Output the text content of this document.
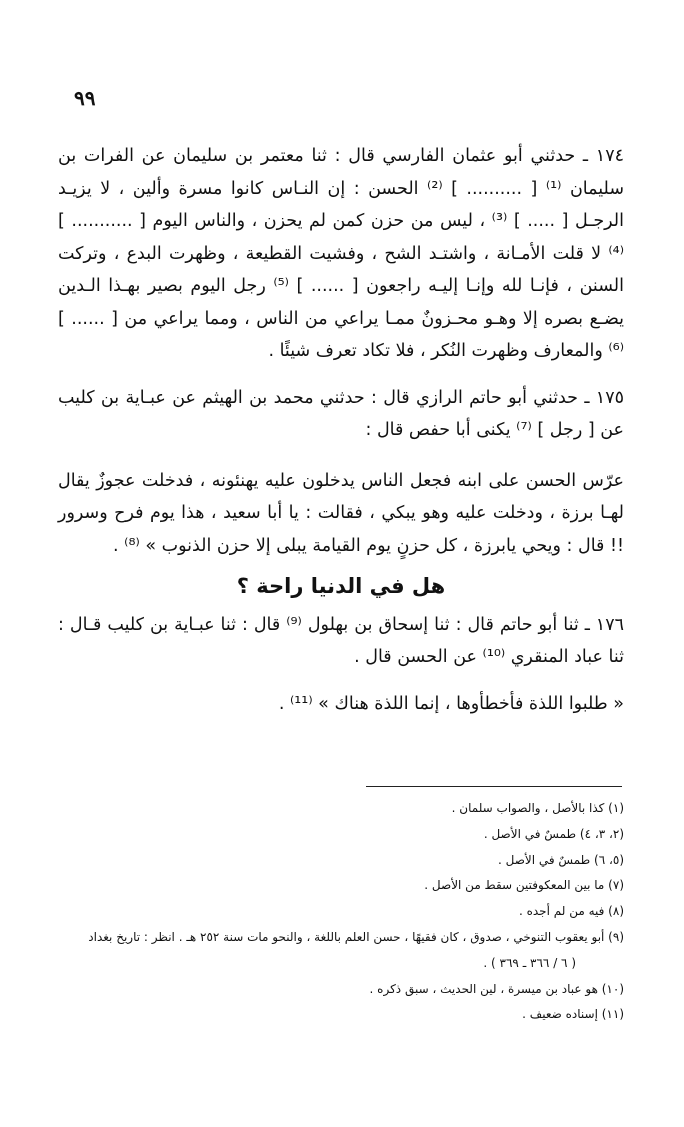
٩٩

١٧٤ ـ حدثني أبو عثمان الفارسي قال : ثنا معتمر بن سليمان عن الفرات بن سليمان ⁽¹⁾ [ .......... ] ⁽²⁾ الحسن : إن النـاس كانوا مسرة وألين ، لا يزيـد الرجـل [ ..... ] ⁽³⁾ ، ليس من حزن كمن لم يحزن ، والناس اليوم [ ........... ] ⁽⁴⁾ لا قلت الأمـانة ، واشتـد الشح ، وفشيت القطيعة ، وظهرت البدع ، وتركت السنن ، فإنـا لله وإنـا إليـه راجعون [ ...... ] ⁽⁵⁾ رجل اليوم بصير بهـذا الـدين يضـع بصره إلا وهـو محـزونٌ ممـا يراعي من الناس ، ومما يراعي من [ ...... ] ⁽⁶⁾ والمعارف وظهرت النُكر ، فلا تكاد تعرف شيئًا .

١٧٥ ـ حدثني أبو حاتم الرازي قال : حدثني محمد بن الهيثم عن عبـاية بن كليب عن [ رجل ] ⁽⁷⁾ يكنى أبا حفص قال :

عرّس الحسن على ابنه فجعل الناس يدخلون عليه يهنئونه ، فدخلت عجوزٌ يقال لهـا برزة ، ودخلت عليه وهو يبكي ، فقالت : يا أبا سعيد ، هذا يوم فرح وسرور !! قال : ويحي يابرزة ، كل حزنٍ يوم القيامة يبلى إلا حزن الذنوب » ⁽⁸⁾ .

هل في الدنيا راحة ؟

١٧٦ ـ ثنا أبو حاتم قال : ثنا إسحاق بن بهلول ⁽⁹⁾ قال : ثنا عبـاية بن كليب قـال : ثنا عباد المنقري ⁽¹⁰⁾ عن الحسن قال .

« طلبوا اللذة فأخطأوها ، إنما اللذة هناك » ⁽¹¹⁾ .

(١) كذا بالأصل ، والصواب سلمان .
(٢، ٣، ٤) طمسٌ في الأصل .
(٥، ٦) طمسٌ في الأصل .
(٧) ما بين المعكوفتين سقط من الأصل .
(٨) فيه من لم أجده .
(٩) أبو يعقوب التنوخي ، صدوق ، كان فقيهًا ، حسن العلم باللغة ، والنحو مات سنة ٢٥٢ هـ . انظر : تاريخ بغداد
( ٦ / ٣٦٦ ـ ٣٦٩ ) .
(١٠) هو عباد بن ميسرة ، لين الحديث ، سبق ذكره .
(١١) إسناده ضعيف .
